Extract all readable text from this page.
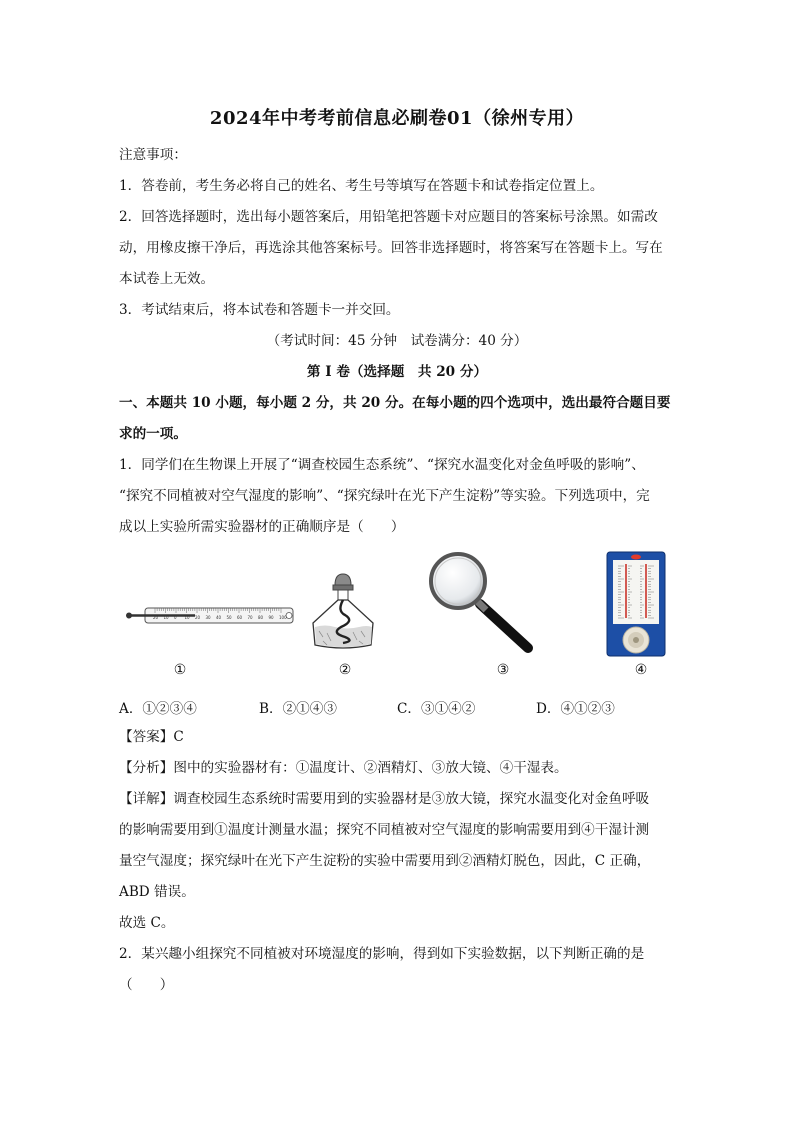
2024年中考考前信息必刷卷01（徐州专用）
注意事项：
1．答卷前，考生务必将自己的姓名、考生号等填写在答题卡和试卷指定位置上。
2．回答选择题时，选出每小题答案后，用铅笔把答题卡对应题目的答案标号涂黑。如需改
动，用橡皮擦干净后，再选涂其他答案标号。回答非选择题时，将答案写在答题卡上。写在
本试卷上无效。
3．考试结束后，将本试卷和答题卡一并交回。
（考试时间：45 分钟　试卷满分：40 分）
第 I 卷（选择题　共 20 分）
一、本题共 10 小题，每小题 2 分，共 20 分。在每小题的四个选项中，选出最符合题目要
求的一项。
1．同学们在生物课上开展了“调查校园生态系统”、“探究水温变化对金鱼呼吸的影响”、
“探究不同植被对空气湿度的影响”、“探究绿叶在光下产生淀粉”等实验。下列选项中，完
成以上实验所需实验器材的正确顺序是（　　）
20 10 0 10 20 30 40 50 60 70 80 90 100
①	②	③	④
A．①②③④	B．②①④③	C．③①④②	D．④①②③
【答案】C
【分析】图中的实验器材有：①温度计、②酒精灯、③放大镜、④干湿表。
【详解】调查校园生态系统时需要用到的实验器材是③放大镜，探究水温变化对金鱼呼吸
的影响需要用到①温度计测量水温；探究不同植被对空气湿度的影响需要用到④干湿计测
量空气湿度；探究绿叶在光下产生淀粉的实验中需要用到②酒精灯脱色，因此，C 正确，
ABD 错误。
故选 C。
2．某兴趣小组探究不同植被对环境湿度的影响，得到如下实验数据，以下判断正确的是
（　　）
